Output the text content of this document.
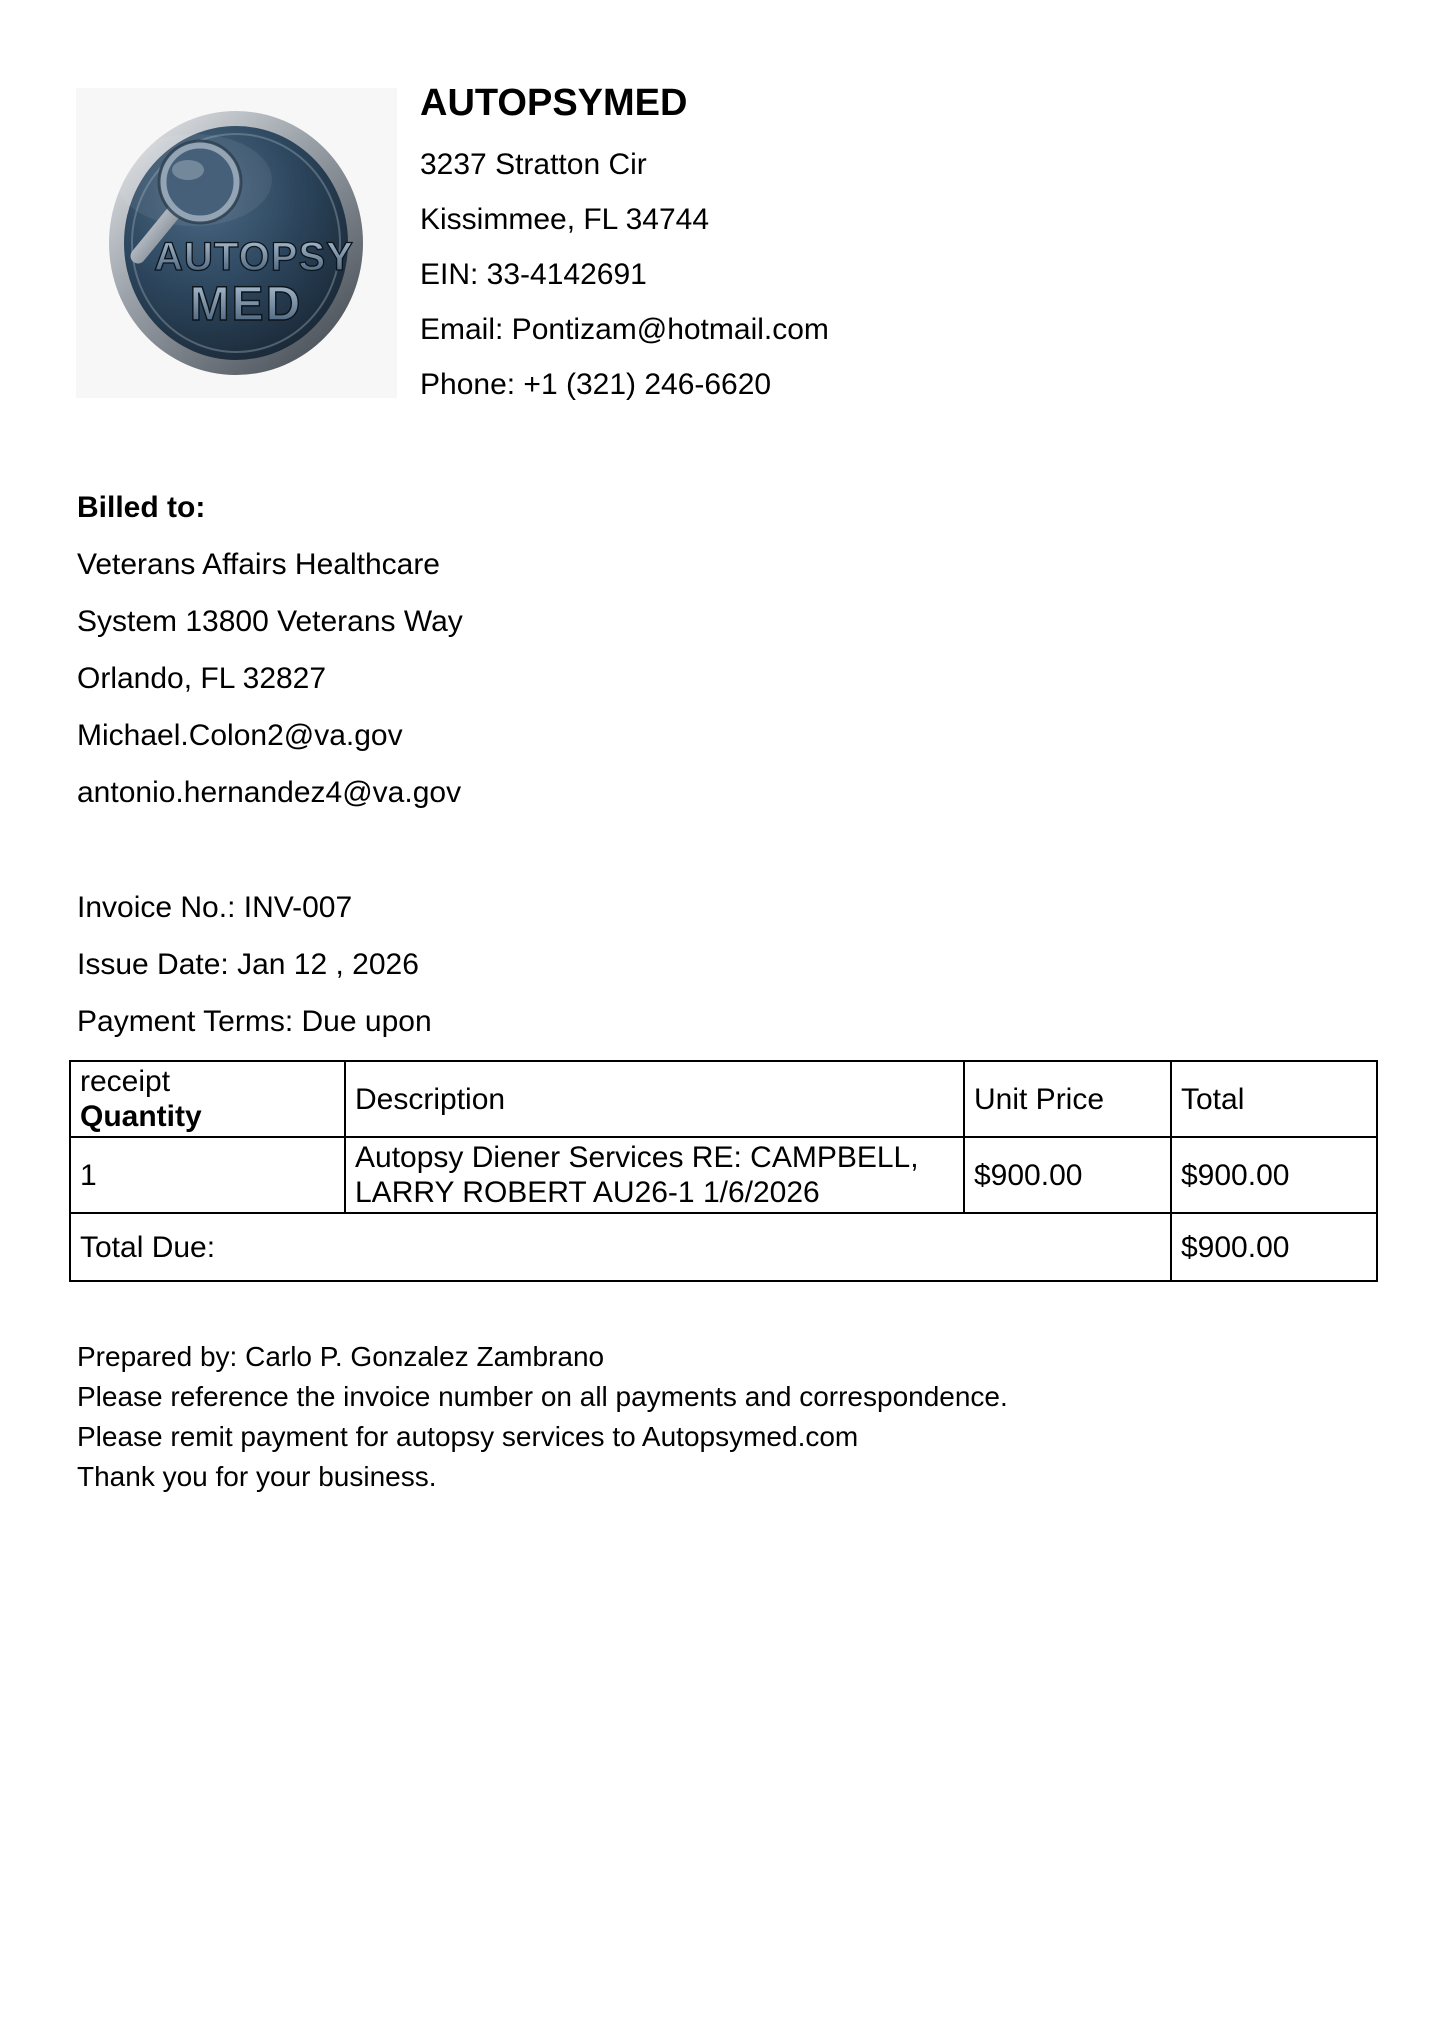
AUTOPSY
MED
AUTOPSYMED
3237 Stratton Cir
Kissimmee, FL 34744
EIN: 33-4142691
Email: Pontizam@hotmail.com
Phone: +1 (321) 246-6620
Billed to:
Veterans Affairs Healthcare
System 13800 Veterans Way
Orlando, FL 32827
Michael.Colon2@va.gov
antonio.hernandez4@va.gov
Invoice No.: INV-007
Issue Date: Jan 12 , 2026
Payment Terms: Due upon
receipt
Quantity	Description	Unit Price	Total
1	Autopsy Diener Services RE: CAMPBELL, LARRY ROBERT AU26-1 1/6/2026	$900.00	$900.00
Total Due:			$900.00
Prepared by: Carlo P. Gonzalez Zambrano
Please reference the invoice number on all payments and correspondence.
Please remit payment for autopsy services to Autopsymed.com
Thank you for your business.
